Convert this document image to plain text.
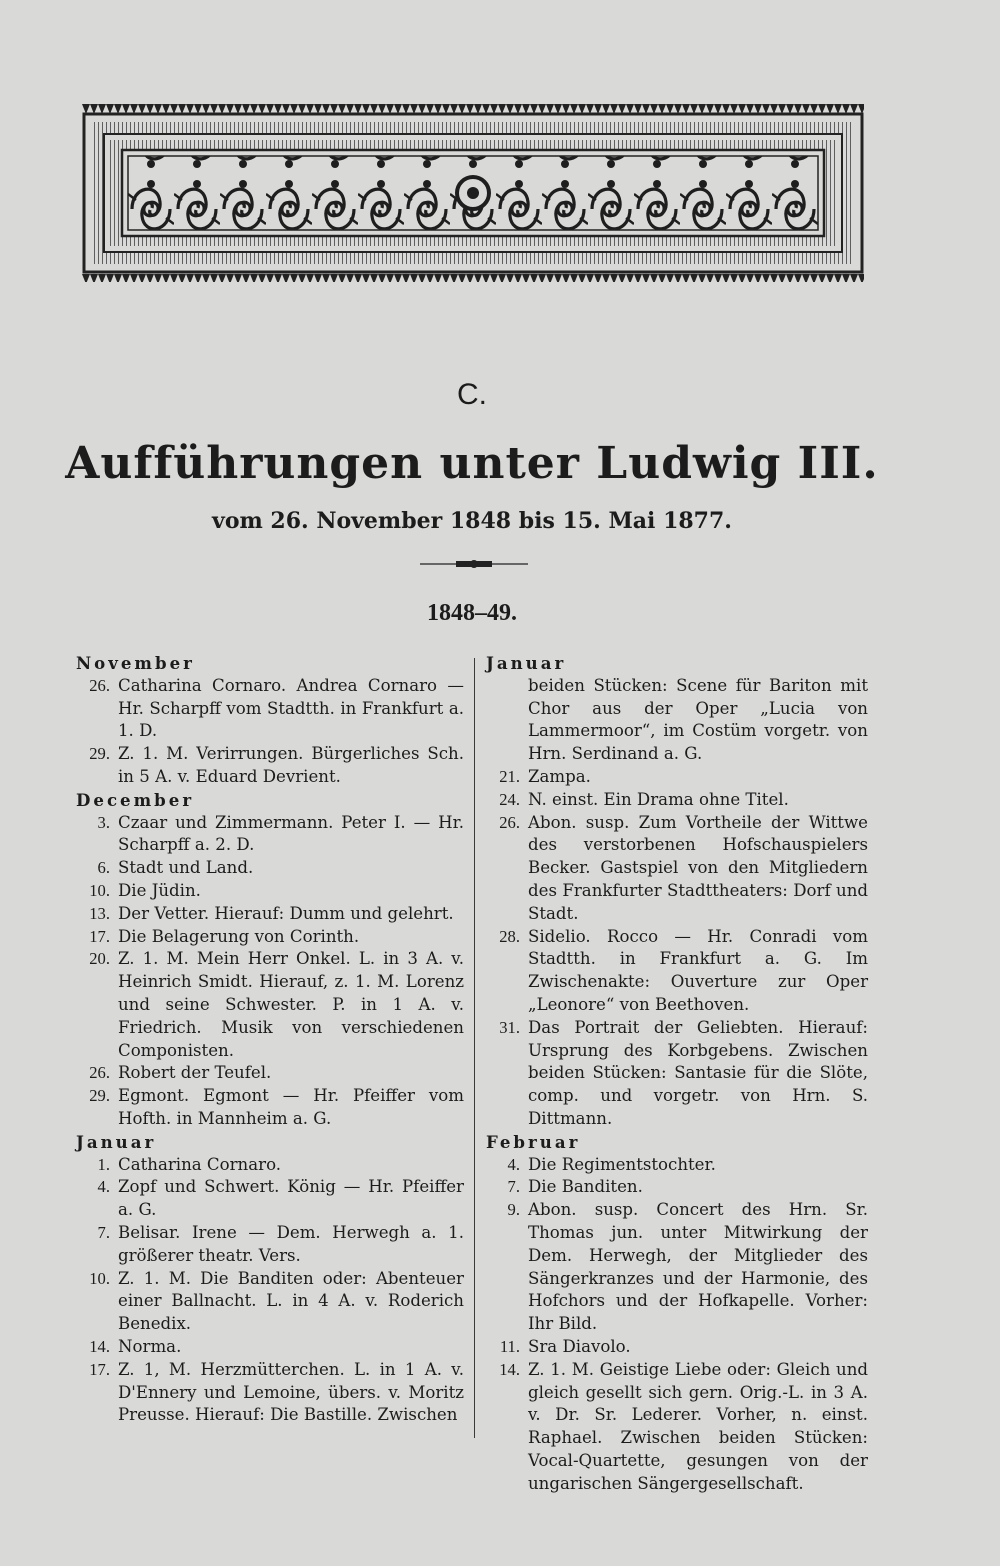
C.
Aufführungen unter Ludwig III.
vom 26. November 1848 bis 15. Mai 1877.
1848–49.
November
26. Catharina Cornaro. Andrea Cornaro — Hr. Scharpff vom Stadtth. in Frankfurt a. 1. D.
29. Z. 1. M. Verirrungen. Bürgerliches Sch. in 5 A. v. Eduard Devrient.
December
3. Czaar und Zimmermann. Peter I. — Hr. Scharpff a. 2. D.
6. Stadt und Land.
10. Die Jüdin.
13. Der Vetter. Hierauf: Dumm und gelehrt.
17. Die Belagerung von Corinth.
20. Z. 1. M. Mein Herr Onkel. L. in 3 A. v. Heinrich Smidt. Hierauf, z. 1. M. Lorenz und seine Schwester. P. in 1 A. v. Friedrich. Musik von verschiedenen Componisten.
26. Robert der Teufel.
29. Egmont. Egmont — Hr. Pfeiffer vom Hofth. in Mannheim a. G.
Januar
1. Catharina Cornaro.
4. Zopf und Schwert. König — Hr. Pfeiffer a. G.
7. Belisar. Irene — Dem. Herwegh a. 1. größerer theatr. Vers.
10. Z. 1. M. Die Banditen oder: Abenteuer einer Ballnacht. L. in 4 A. v. Roderich Benedix.
14. Norma.
17. Z. 1, M. Herzmütterchen. L. in 1 A. v. D'Ennery und Lemoine, übers. v. Moritz Preusse. Hierauf: Die Bastille. Zwischen
Januar
beiden Stücken: Scene für Bariton mit Chor aus der Oper „Lucia von Lammermoor“, im Costüm vorgetr. von Hrn. Serdinand a. G.
21. Zampa.
24. N. einst. Ein Drama ohne Titel.
26. Abon. susp. Zum Vortheile der Wittwe des verstorbenen Hofschauspielers Becker. Gastspiel von den Mitgliedern des Frankfurter Stadttheaters: Dorf und Stadt.
28. Sidelio. Rocco — Hr. Conradi vom Stadtth. in Frankfurt a. G. Im Zwischenakte: Ouverture zur Oper „Leonore“ von Beethoven.
31. Das Portrait der Geliebten. Hierauf: Ursprung des Korbgebens. Zwischen beiden Stücken: Santasie für die Slöte, comp. und vorgetr. von Hrn. S. Dittmann.
Februar
4. Die Regimentstochter.
7. Die Banditen.
9. Abon. susp. Concert des Hrn. Sr. Thomas jun. unter Mitwirkung der Dem. Herwegh, der Mitglieder des Sängerkranzes und der Harmonie, des Hofchors und der Hofkapelle. Vorher: Ihr Bild.
11. Sra Diavolo.
14. Z. 1. M. Geistige Liebe oder: Gleich und gleich gesellt sich gern. Orig.-L. in 3 A. v. Dr. Sr. Lederer. Vorher, n. einst. Raphael. Zwischen beiden Stücken: Vocal-Quartette, gesungen von der ungarischen Sängergesellschaft.
